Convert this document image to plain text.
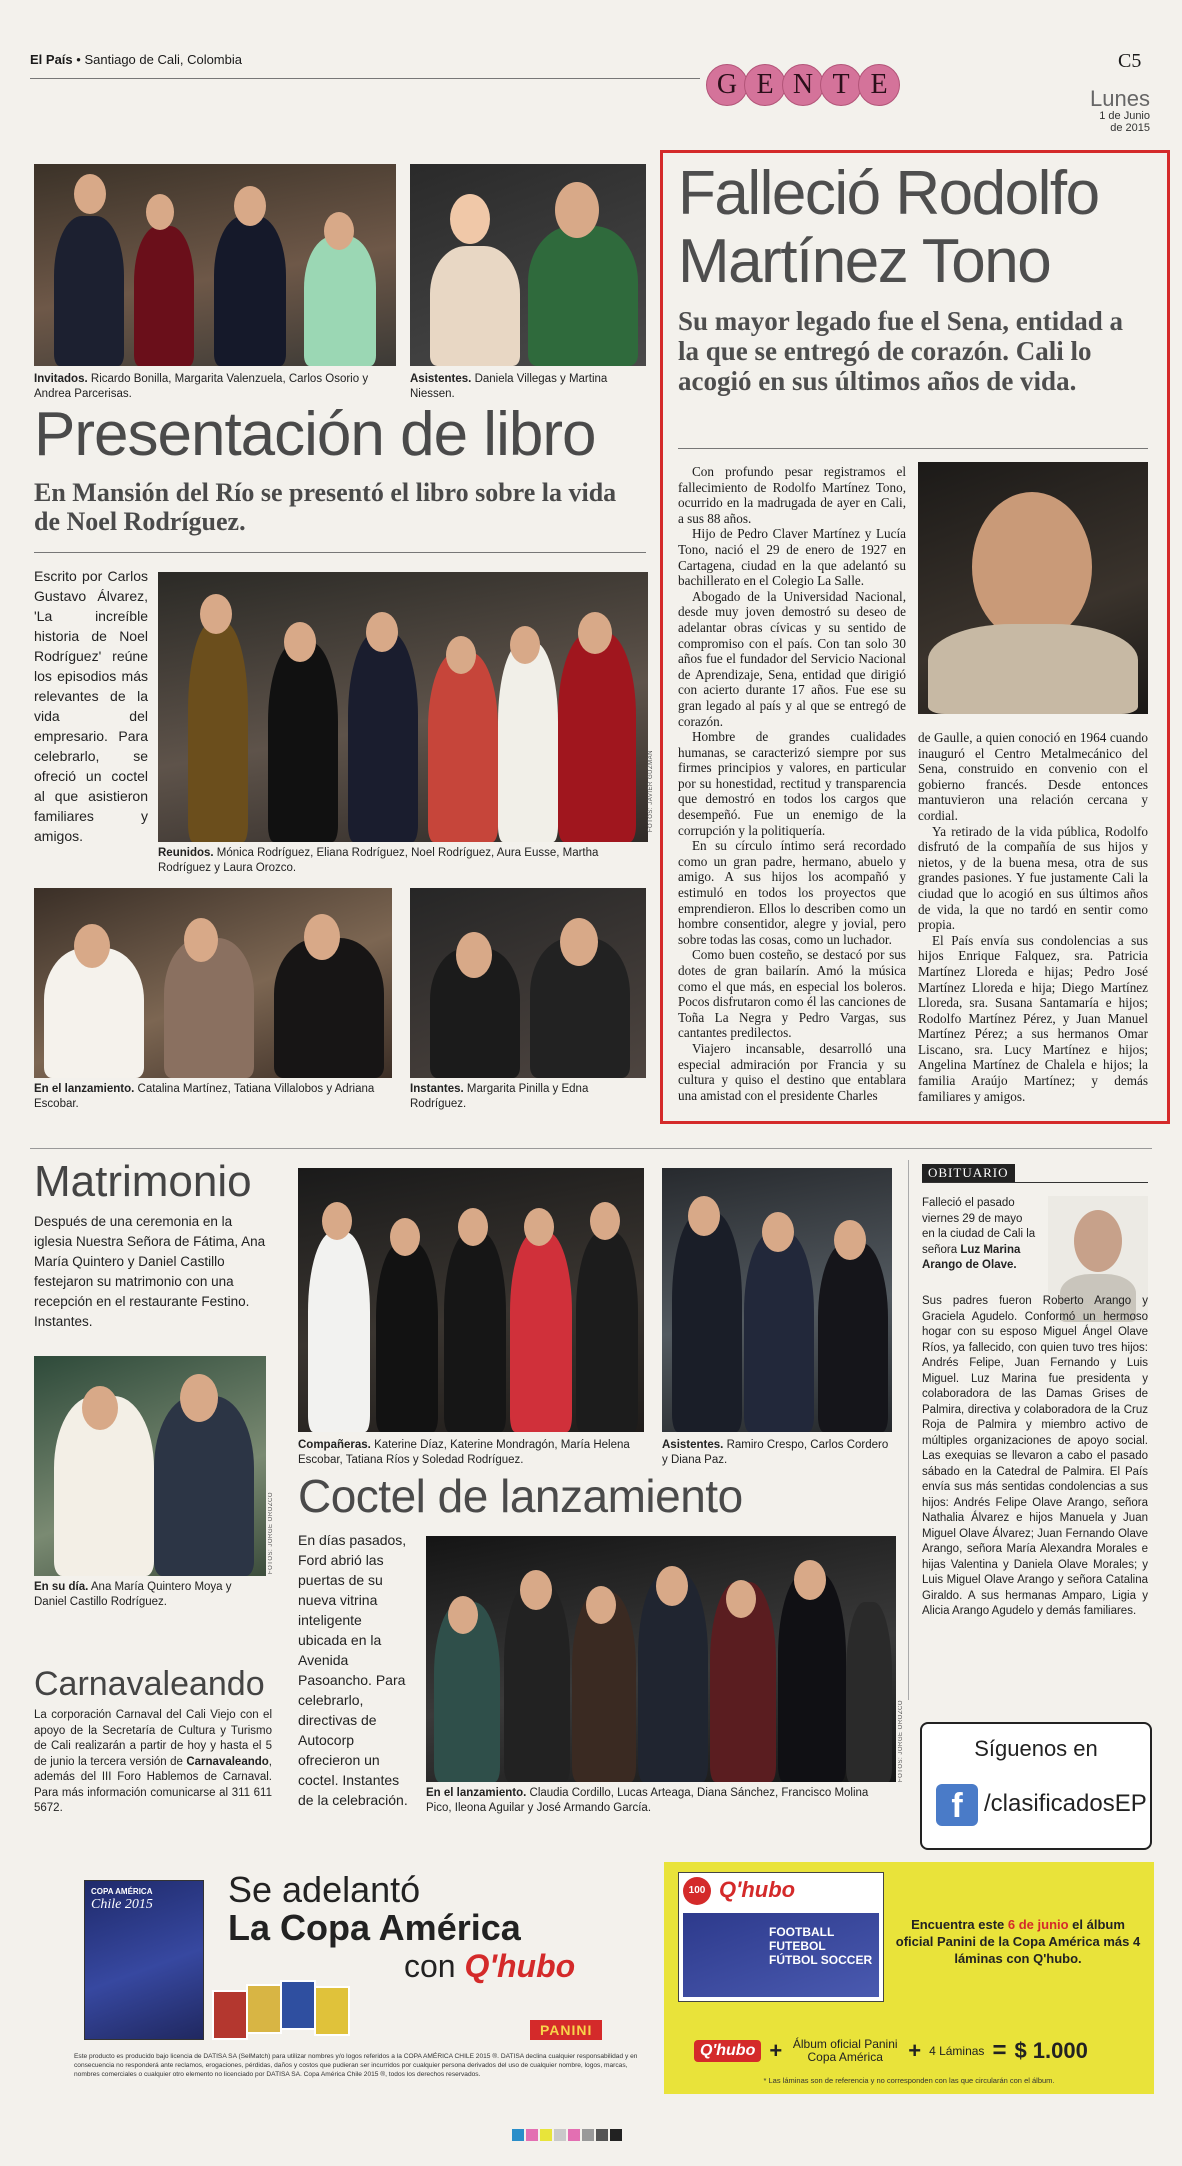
El País • Santiago de Cali, Colombia
G E N T E
C5
Lunes
1 de Junio
de 2015
Invitados. Ricardo Bonilla, Margarita Valenzuela, Carlos Osorio y Andrea Parcerisas.
Asistentes. Daniela Villegas y Martina Niessen.
Presentación de libro
En Mansión del Río se presentó el libro sobre la vida de Noel Rodríguez.
Escrito por Carlos Gustavo Álvarez, 'La increíble historia de Noel Rodríguez' reúne los episodios más relevantes de la vida del empresario. Para celebrarlo, se ofreció un coctel al que asistieron familiares y amigos.
FOTOS: JAVIER GUZMÁN
Reunidos. Mónica Rodríguez, Eliana Rodríguez, Noel Rodríguez, Aura Eusse, Martha Rodríguez y Laura Orozco.
En el lanzamiento. Catalina Martínez, Tatiana Villalobos y Adriana Escobar.
Instantes. Margarita Pinilla y Edna Rodríguez.
Falleció Rodolfo
Martínez Tono
Su mayor legado fue el Sena, entidad a la que se entregó de corazón. Cali lo acogió en sus últimos años de vida.

Con profundo pesar registramos el fallecimiento de Rodolfo Martínez Tono, ocurrido en la madrugada de ayer en Cali, a sus 88 años.

Hijo de Pedro Claver Martínez y Lucía Tono, nació el 29 de enero de 1927 en Cartagena, ciudad en la que adelantó su bachillerato en el Colegio La Salle.

Abogado de la Universidad Nacional, desde muy joven demostró su deseo de adelantar obras cívicas y su sentido de compromiso con el país. Con tan solo 30 años fue el fundador del Servicio Nacional de Aprendizaje, Sena, entidad que dirigió con acierto durante 17 años. Fue ese su gran legado al país y al que se entregó de corazón.

Hombre de grandes cualidades humanas, se caracterizó siempre por sus firmes principios y valores, en particular por su honestidad, rectitud y transparencia que demostró en todos los cargos que desempeñó. Fue un enemigo de la corrupción y la politiquería.

En su círculo íntimo será recordado como un gran padre, hermano, abuelo y amigo. A sus hijos los acompañó y estimuló en todos los proyectos que emprendieron. Ellos lo describen como un hombre consentidor, alegre y jovial, pero sobre todas las cosas, como un luchador.

Como buen costeño, se destacó por sus dotes de gran bailarín. Amó la música como el que más, en especial los boleros. Pocos disfrutaron como él las canciones de Toña La Negra y Pedro Vargas, sus cantantes predilectos.

Viajero incansable, desarrolló una especial admiración por Francia y su cultura y quiso el destino que entablara una amistad con el presidente Charles

de Gaulle, a quien conoció en 1964 cuando inauguró el Centro Metalmecánico del Sena, construido en convenio con el gobierno francés. Desde entonces mantuvieron una relación cercana y cordial.

Ya retirado de la vida pública, Rodolfo disfrutó de la compañía de sus hijos y nietos, y de la buena mesa, otra de sus grandes pasiones. Y fue justamente Cali la ciudad que lo acogió en sus últimos años de vida, la que no tardó en sentir como propia.

El País envía sus condolencias a sus hijos Enrique Falquez, sra. Patricia Martínez Lloreda e hijas; Pedro José Martínez Lloreda e hija; Diego Martínez Lloreda, sra. Susana Santamaría e hijos; Rodolfo Martínez Pérez, y Juan Manuel Martínez Pérez; a sus hermanos Omar Liscano, sra. Lucy Martínez e hijos; Angelina Martínez de Chalela e hijos; la familia Araújo Martínez; y demás familiares y amigos.

Matrimonio
Después de una ceremonia en la iglesia Nuestra Señora de Fátima, Ana María Quintero y Daniel Castillo festejaron su matrimonio con una recepción en el restaurante Festino. Instantes.
FOTOS: JORGE OROZCO
En su día. Ana María Quintero Moya y Daniel Castillo Rodríguez.
Carnavaleando
La corporación Carnaval del Cali Viejo con el apoyo de la Secretaría de Cultura y Turismo de Cali realizarán a partir de hoy y hasta el 5 de junio la tercera versión de Carnavaleando, además del III Foro Hablemos de Carnaval. Para más información comunicarse al 311 611 5672.
Compañeras. Katerine Díaz, Katerine Mondragón, María Helena Escobar, Tatiana Ríos y Soledad Rodríguez.
Asistentes. Ramiro Crespo, Carlos Cordero y Diana Paz.
Coctel de lanzamiento
En días pasados, Ford abrió las puertas de su nueva vitrina inteligente ubicada en la Avenida Pasoancho. Para celebrarlo, directivas de Autocorp ofrecieron un coctel. Instantes de la celebración.
FOTOS: JORGE OROZCO
En el lanzamiento. Claudia Cordillo, Lucas Arteaga, Diana Sánchez, Francisco Molina Pico, Ileona Aguilar y José Armando García.
OBITUARIO
Falleció el pasado viernes 29 de mayo en la ciudad de Cali la señora Luz Marina Arango de Olave.
Sus padres fueron Roberto Arango y Graciela Agudelo. Conformó un hermoso hogar con su esposo Miguel Ángel Olave Ríos, ya fallecido, con quien tuvo tres hijos: Andrés Felipe, Juan Fernando y Luis Miguel. Luz Marina fue presidenta y colaboradora de las Damas Grises de Palmira, directiva y colaboradora de la Cruz Roja de Palmira y miembro activo de múltiples organizaciones de apoyo social. Las exequias se llevaron a cabo el pasado sábado en la Catedral de Palmira. El País envía sus más sentidas condolencias a sus hijos: Andrés Felipe Olave Arango, señora Nathalia Álvarez e hijos Manuela y Juan Miguel Olave Álvarez; Juan Fernando Olave Arango, señora María Alexandra Morales e hijas Valentina y Daniela Olave Morales; y Luis Miguel Olave Arango y señora Catalina Giraldo. A sus hermanas Amparo, Ligia y Alicia Arango Agudelo y demás familiares.
Síguenos en
f /clasificadosEP
COPA AMÉRICA
Chile 2015 Se adelantó
La Copa América
con Q'hubo
PANINI
Este producto es producido bajo licencia de DATISA SA (SelMatch) para utilizar nombres y/o logos referidos a la COPA AMÉRICA CHILE 2015 ®. DATISA declina cualquier responsabilidad y en consecuencia no responderá ante reclamos, erogaciones, pérdidas, daños y costos que pudieran ser incurridos por cualquier persona derivados del uso de cualquier nombre, logos, marcas, nombres comerciales o cualquier otro elemento no licenciado por DATISA SA. Copa América Chile 2015 ®, todos los derechos reservados.
Q'hubo
100
FOOTBALL FUTEBOL FÚTBOL SOCCER
Encuentra este 6 de junio el álbum oficial Panini de la Copa América más 4 láminas con Q'hubo.
Q'hubo + Álbum oficial Panini Copa América	+ 4 Láminas = $ 1.000
* Las láminas son de referencia y no corresponden con las que circularán con el álbum.
